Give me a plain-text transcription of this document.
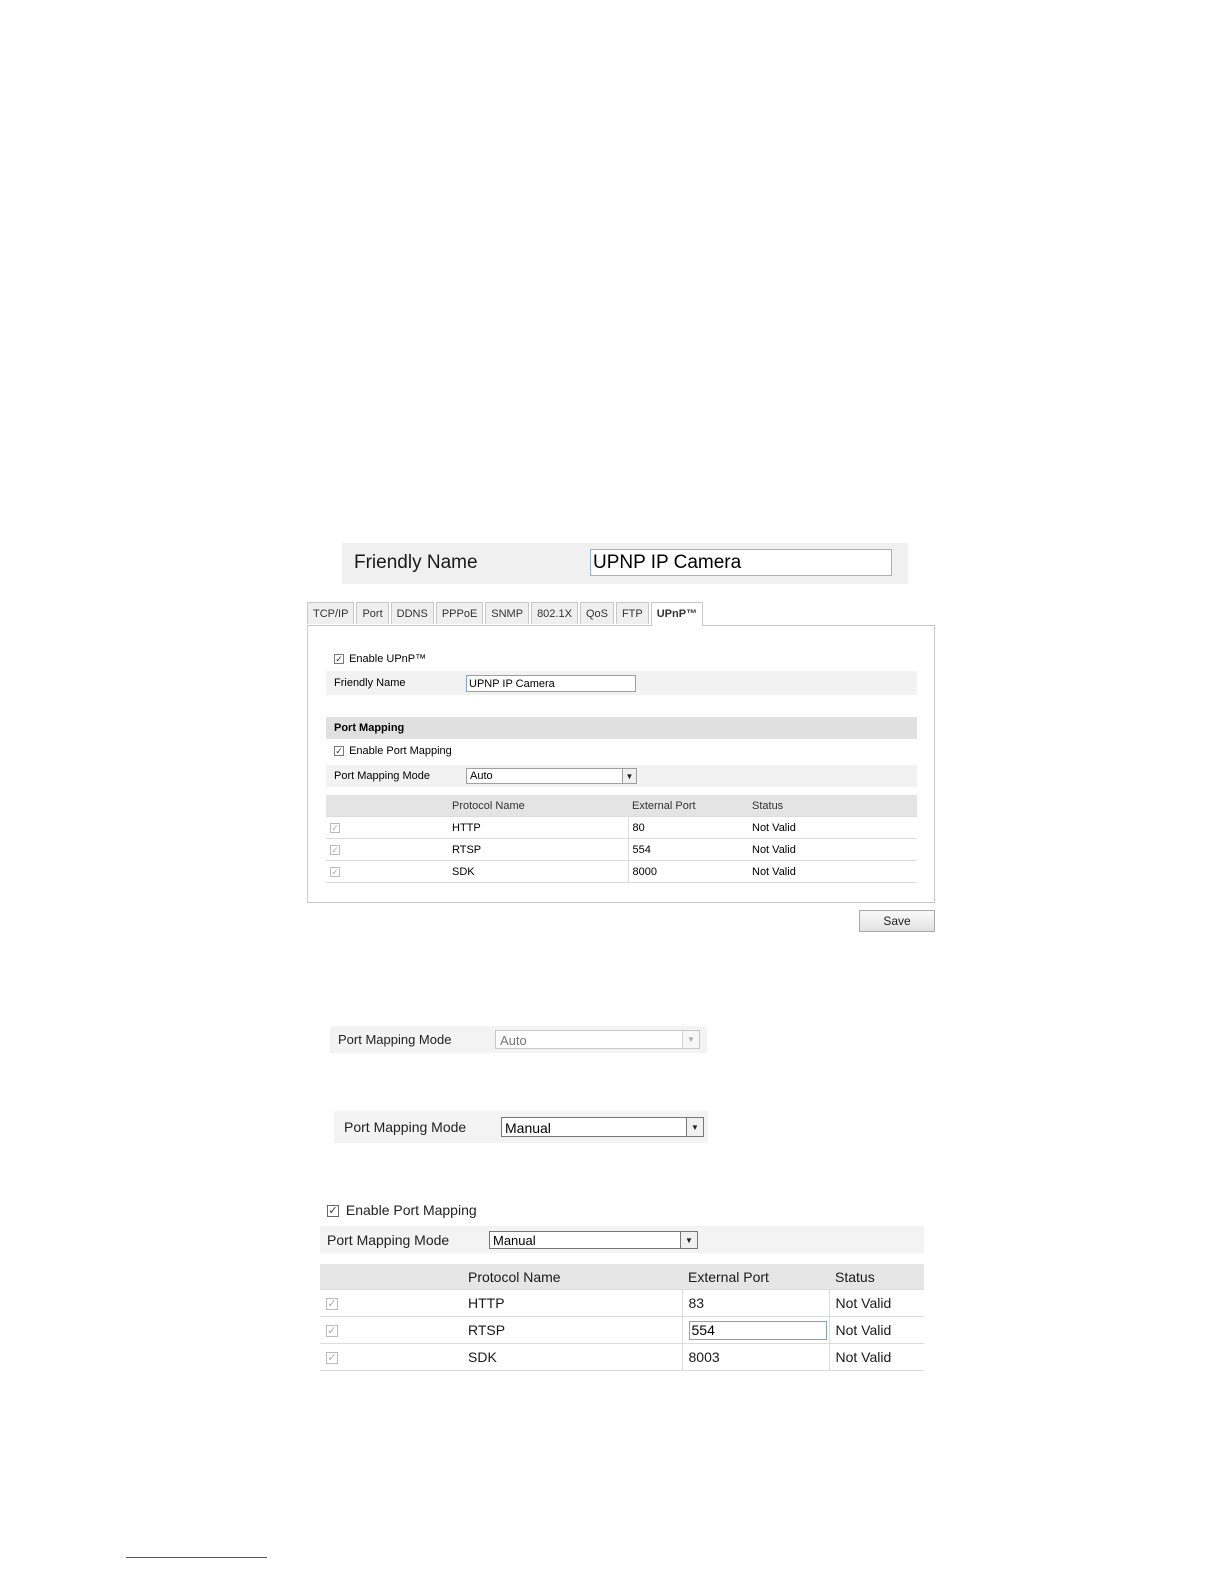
Friendly Name
UPNP IP Camera
TCP/IP	Port	DDNS	PPPoE	SNMP	802.1X	QoS	FTP	UPnP™
✓ Enable UPnP™
Friendly Name
UPNP IP Camera
Port Mapping
✓ Enable Port Mapping
Port Mapping Mode	Auto	▼
	Protocol Name	External Port	Status
✓	HTTP	80	Not Valid
✓	RTSP	554	Not Valid
✓	SDK	8000	Not Valid
Save
Port Mapping Mode	Auto	▼
Port Mapping Mode	Manual	▼
✓ Enable Port Mapping
Port Mapping Mode	Manual	▼
	Protocol Name	External Port	Status
✓	HTTP	83	Not Valid
✓	RTSP	554	Not Valid
✓	SDK	8003	Not Valid
